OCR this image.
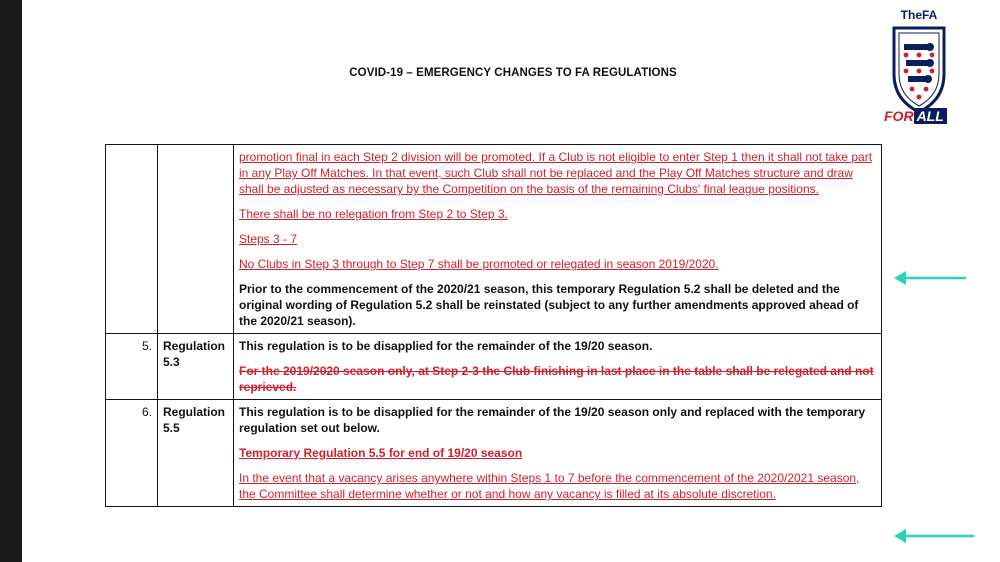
COVID-19 – EMERGENCY CHANGES TO FA REGULATIONS
TheFA
FOR ALL

		promotion final in each Step 2 division will be promoted. If a Club is not eligible to enter Step 1 then it shall not take part in any Play Off Matches. In that event, such Club shall not be replaced and the Play Off Matches structure and draw shall be adjusted as necessary by the Competition on the basis of the remaining Clubs' final league positions.

There shall be no relegation from Step 2 to Step 3.

Steps 3 - 7

No Clubs in Step 3 through to Step 7 shall be promoted or relegated in season 2019/2020.

Prior to the commencement of the 2020/21 season, this temporary Regulation 5.2 shall be deleted and the original wording of Regulation 5.2 shall be reinstated (subject to any further amendments approved ahead of the 2020/21 season).

5.	Regulation 5.3	This regulation is to be disapplied for the remainder of the 19/20 season.

For the 2019/2020 season only, at Step 2-3 the Club finishing in last place in the table shall be relegated and not reprieved.

6.	Regulation 5.5	This regulation is to be disapplied for the remainder of the 19/20 season only and replaced with the temporary regulation set out below.

Temporary Regulation 5.5 for end of 19/20 season

In the event that a vacancy arises anywhere within Steps 1 to 7 before the commencement of the 2020/2021 season, the Committee shall determine whether or not and how any vacancy is filled at its absolute discretion.
